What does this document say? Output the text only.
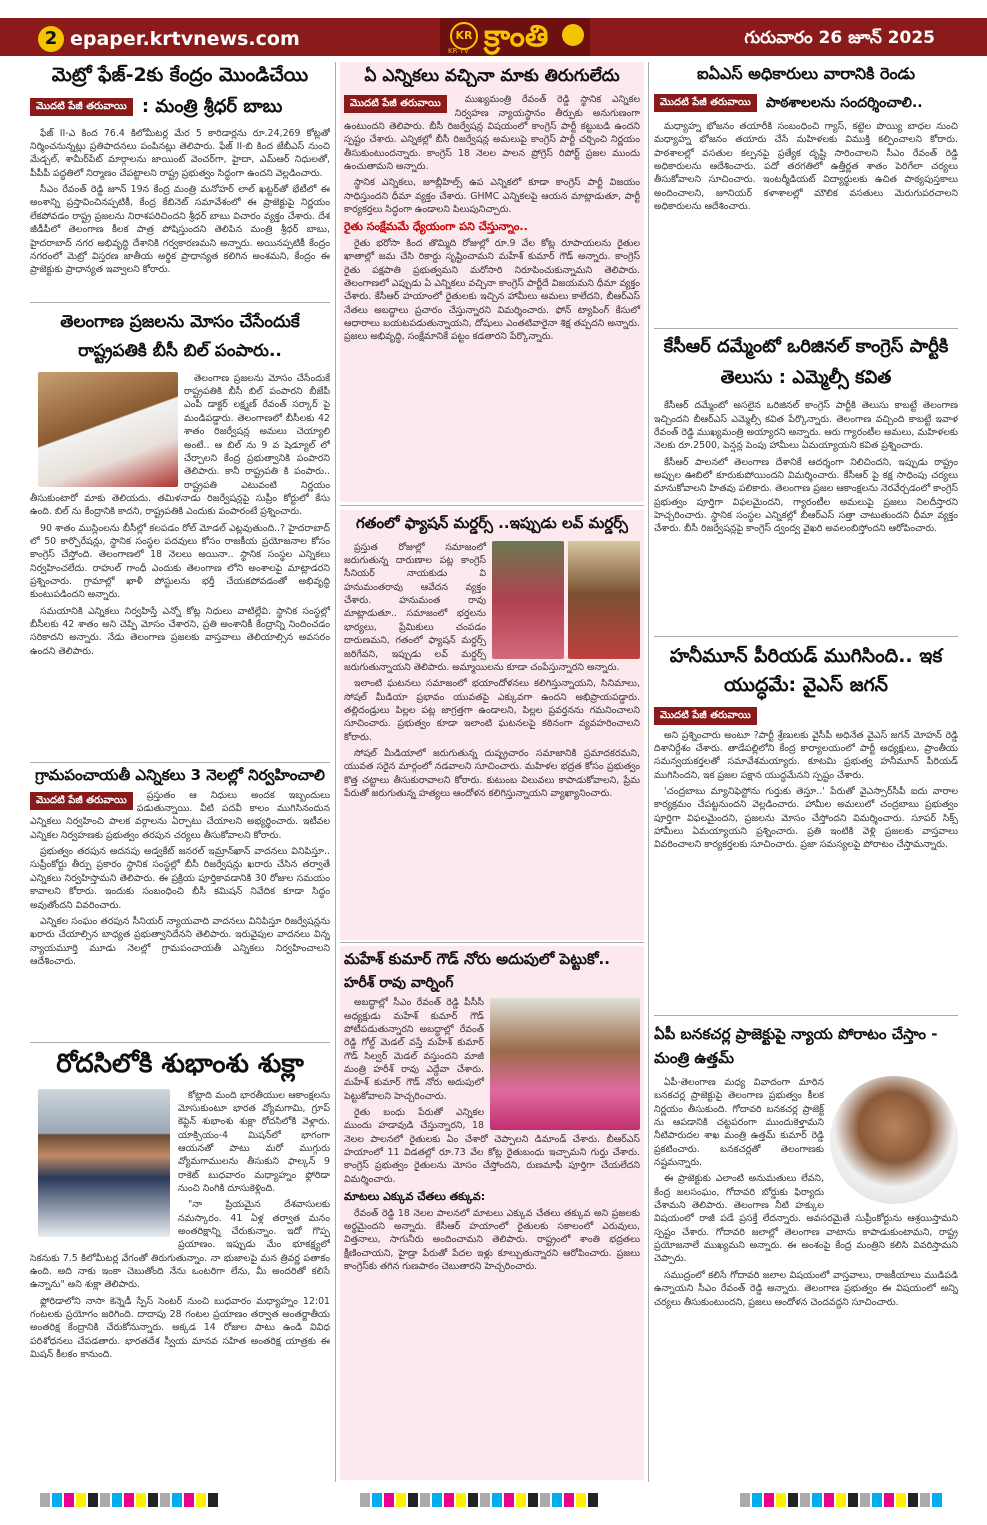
2 epaper.krtvnews.com	KR
KR TV క్రాంతి	గురువారం 26 జూన్ 2025
మెట్రో ఫేజ్-2కు కేంద్రం మొండిచేయి
మొదటి పేజీ తరువాయి : మంత్రి శ్రీధర్ బాబు

ఫేజ్ II-ఎ కింద 76.4 కిలోమీటర్ల మేర 5 కారిడార్లను రూ.24,269 కోట్లతో నిర్మించనున్నట్లు ప్రతిపాదనలు పంపినట్లు తెలిపారు. ఫేజ్ II-బి కింద జేబీఎస్ నుంచి మేడ్చల్, శామీర్‌పేట్ మార్గాలను జాయింట్ వెంచర్‌గా, హైదా, ఎమ్‌ఆర్ నిధులతో, పీపీపీ పద్ధతిలో నిర్మాణం చేపట్టాలని రాష్ట్ర ప్రభుత్వం సిద్ధంగా ఉందని వెల్లడించారు.

సీఎం రేవంత్ రెడ్డి జూన్ 19న కేంద్ర మంత్రి మనోహర్ లాల్ ఖట్టర్‌తో భేటీలో ఈ అంశాన్ని ప్రస్తావించినప్పటికీ, కేంద్ర కేబినెట్ సమావేశంలో ఈ ప్రాజెక్టుపై నిర్ణయం లేకపోవడం రాష్ట్ర ప్రజలను నిరాశపరిచిందని శ్రీధర్ బాబు విచారం వ్యక్తం చేశారు. దేశ జీడీపీలో తెలంగాణ కీలక పాత్ర పోషిస్తుందని తెలిపిన మంత్రి శ్రీధర్ బాబు, హైదరాబాద్ నగర అభివృద్ధి దేశానికి గర్వకారణమని అన్నారు. అయినప్పటికీ కేంద్రం నగరంలో మెట్రో విస్తరణ జాతీయ అర్థిక ప్రాధాన్యత కలిగిన అంశమని, కేంద్రం ఈ ప్రాజెక్టుకు ప్రాధాన్యత ఇవ్వాలని కోరారు.

తెలంగాణ ప్రజలను మోసం చేసేందుకే రాష్ట్రపతికి బీసీ బిల్ పంపారు..

తెలంగాణ ప్రజలను మోసం చేసేందుకే రాష్ట్రపతికి బీసీ బిల్ పంపారని బీజేపీ ఎంపీ డాక్టర్ లక్ష్మణ్ రేవంత్ సర్కార్ పై మండిపడ్డారు. తెలంగాణలో బీసీలకు 42 శాతం రిజర్వేషన్ల అమలు చెయ్యాలి అంటే.. ఆ బిల్ ను 9 వ షెడ్యూల్ లో చేర్చాలని కేంద్ర ప్రభుత్వానికి పంపారని తెలిపారు. కానీ రాష్ట్రపతి కి పంపారు.. రాష్ట్రపతి ఎటువంటి నిర్ణయం తీసుకుంటారో మాకు తెలియదు. తమిళనాడు రిజర్వేషన్లపై సుప్రీం కోర్టులో కేసు ఉంది. బిల్ ను కేంద్రానికి కాదని, రాష్ట్రపతికి ఎందుకు పంపారంటే ప్రశ్నించారు.

90 శాతం ముస్లింలను బీసీల్లో కలపడం రోల్ మోడల్ ఎట్లవుతుంది..? హైదరాబాద్ లో 50 కార్పొరేషన్లు, స్థానిక సంస్థల పదవులు కోసం రాజకీయ ప్రయోజనాల కోసం కాంగ్రెస్ చేస్తోంది. తెలంగాణలో 18 నెలలు అయినా.. స్థానిక సంస్థల ఎన్నికలు నిర్వహించలేదు. రాహుల్ గాంధీ ఎందుకు తెలంగాణ లోని అంశాలపై మాట్లాడరని ప్రశ్నించారు. గ్రామాల్లో ఖాళీ పోస్టులను భర్తీ చేయకపోవడంతో అభివృద్ధి కుంటుపడిందని అన్నారు.

సమయానికి ఎన్నికలు నిర్వహిస్తే ఎన్నో కోట్ల నిధులు వాటిల్లేవి. స్థానిక సంస్థల్లో బీసీలకు 42 శాతం అని చెప్పి మోసం చేశారని, ప్రతి అంశానికీ కేంద్రాన్ని నిందించడం సరికాదని అన్నారు. నేడు తెలంగాణ ప్రజలకు వాస్తవాలు తెలియాల్సిన అవసరం ఉందని తెలిపారు.

గ్రామపంచాయతీ ఎన్నికలు 3 నెలల్లో నిర్వహించాలి
మొదటి పేజీ తరువాయి	ప్రస్తుతం ఆ నిధులు అందక ఇబ్బందులు పడుతున్నాయి. వీటి పదవీ కాలం ముగిసినందున ఎన్నికలు నిర్వహించి పాలక వర్గాలను ఏర్పాటు చేయాలని అభ్యర్థించారు. ఇటీవల ఎన్నికల నిర్వహణకు ప్రభుత్వం తరపున చర్యలు తీసుకోవాలని కోరారు.

ప్రభుత్వం తరపున అదనపు అడ్వకేట్ జనరల్ ఇమ్రాన్‌ఖాన్ వాదనలు వినిపిస్తూ.. సుప్రీంకోర్టు తీర్పు ప్రకారం స్థానిక సంస్థల్లో బీసీ రిజర్వేషన్లు ఖరారు చేసిన తర్వాతే ఎన్నికలు నిర్వహిస్తామని తెలిపారు. ఈ ప్రక్రియ పూర్తికావడానికి 30 రోజుల సమయం కావాలని కోరారు. ఇందుకు సంబంధించి బీసీ కమిషన్ నివేదిక కూడా సిద్ధం అవుతోందని వివరించారు.

ఎన్నికల సంఘం తరపున సీనియర్ న్యాయవాది వాదనలు వినిపిస్తూ రిజర్వేషన్లను ఖరారు చేయాల్సిన బాధ్యత ప్రభుత్వానిదేనని తెలిపారు. ఇరువైపుల వాదనలు విన్న న్యాయమూర్తి మూడు నెలల్లో గ్రామపంచాయతీ ఎన్నికలు నిర్వహించాలని ఆదేశించారు.

రోదసిలోకి శుభాంశు శుక్లా

కోట్లాది మంది భారతీయుల ఆకాంక్షలను మోసుకుంటూ భారత వ్యోమగామి, గ్రూప్ కెప్టెన్ శుభాంశు శుక్లా రోదసిలోకి వెళ్లారు. యాక్సియం-4 మిషన్‌లో భాగంగా ఆయనతో పాటు మరో ముగ్గురు వ్యోమగాములను తీసుకుని ఫాల్కన్ 9 రాకెట్ బుధవారం మధ్యాహ్నం ఫ్లోరిడా నుంచి నింగికి దూసుకెళ్లింది.

"నా ప్రియమైన దేశవాసులకు నమస్కారం. 41 ఏళ్ల తర్వాత మనం అంతరిక్షాన్ని చేరుకున్నాం. ఇదో గొప్ప ప్రయాణం. ఇప్పుడు మేం భూకక్ష్యలో సెకనుకు 7.5 కిలోమీటర్ల వేగంతో తిరుగుతున్నాం. నా భుజాలపై మన త్రివర్ణ పతాకం ఉంది. అది నాకు ఇంకా చెబుతోంది నేను ఒంటరిగా లేను, మీ అందరితో కలిసే ఉన్నాను" అని శుక్లా తెలిపారు.

ఫ్లోరిడాలోని నాసా కెన్నెడీ స్పేస్ సెంటర్ నుంచి బుధవారం మధ్యాహ్నం 12:01 గంటలకు ప్రయోగం జరిగింది. దాదాపు 28 గంటల ప్రయాణం తర్వాత అంతర్జాతీయ అంతరిక్ష కేంద్రానికి చేరుకోనున్నారు. అక్కడ 14 రోజుల పాటు ఉండి వివిధ పరిశోధనలు చేపడతారు. భారతదేశ స్వీయ మానవ సహిత అంతరిక్ష యాత్రకు ఈ మిషన్ కీలకం కానుంది.

ఏ ఎన్నికలు వచ్చినా మాకు తిరుగులేదు
మొదటి పేజీ తరువాయి	ముఖ్యమంత్రి రేవంత్ రెడ్డి స్థానిక ఎన్నికల నిర్వహణ న్యాయస్థానం తీర్పుకు అనుగుణంగా ఉంటుందని తెలిపారు. బీసీ రిజర్వేషన్ల విషయంలో కాంగ్రెస్ పార్టీ కట్టుబడి ఉందని స్పష్టం చేశారు. ఎన్నికల్లో బీసీ రిజర్వేషన్ల అమలుపై కాంగ్రెస్ పార్టీ చర్చించి నిర్ణయం తీసుకుంటుందన్నారు. కాంగ్రెస్ 18 నెలల పాలన ప్రోగ్రెస్ రిపోర్ట్ ప్రజల ముందు ఉంచుతామని అన్నారు.

స్థానిక ఎన్నికలు, జూబ్లీహిల్స్ ఉప ఎన్నికలో కూడా కాంగ్రెస్ పార్టీ విజయం సాధిస్తుందని ధీమా వ్యక్తం చేశారు. GHMC ఎన్నికలపై ఆయన మాట్లాడుతూ, పార్టీ కార్యకర్తలు సిద్ధంగా ఉండాలని పిలుపునిచ్చారు.

రైతు సంక్షేమమే ధ్యేయంగా పని చేస్తున్నాం..

రైతు భరోసా కింద తొమ్మిది రోజుల్లో రూ.9 వేల కోట్ల రూపాయలను రైతుల ఖాతాల్లో జమ చేసి రికార్డు సృష్టించామని మహేశ్ కుమార్ గౌడ్ అన్నారు. కాంగ్రెస్ రైతు పక్షపాతి ప్రభుత్వమని మరోసారి నిరూపించుకున్నామని తెలిపారు. తెలంగాణలో ఎప్పుడు ఏ ఎన్నికలు వచ్చినా కాంగ్రెస్ పార్టీదే విజయమని ధీమా వ్యక్తం చేశారు. కేసీఆర్ హయాంలో రైతులకు ఇచ్చిన హామీలు అమలు కాలేదని, బీఆర్ఎస్ నేతలు అబద్ధాలు ప్రచారం చేస్తున్నారని విమర్శించారు. ఫోన్ ట్యాపింగ్ కేసులో ఆధారాలు బయటపడుతున్నాయని, దోషులు ఎంతటివారైనా శిక్ష తప్పదని అన్నారు. ప్రజలు అభివృద్ధి, సంక్షేమానికే పట్టం కడతారని పేర్కొన్నారు.

గతంలో ఫ్యాషన్ మర్డర్స్ ..ఇప్పుడు లవ్ మర్డర్స్

ప్రస్తుత రోజుల్లో సమాజంలో జరుగుతున్న దారుణాల పట్ల కాంగ్రెస్ సీనియర్ నాయకుడు వి హనుమంతరావు ఆవేదన వ్యక్తం చేశారు. హనుమంత రావు మాట్లాడుతూ.. సమాజంలో భర్తలను భార్యలు, ప్రేమికులు చంపడం దారుణమని, గతంలో ఫ్యాషన్ మర్డర్స్ జరిగేవని, ఇప్పుడు లవ్ మర్డర్స్ జరుగుతున్నాయని తెలిపారు. అమ్మాయిలను కూడా చంపేస్తున్నారని అన్నారు.

ఇలాంటి ఘటనలు సమాజంలో భయాందోళనలు కలిగిస్తున్నాయని, సినిమాలు, సోషల్ మీడియా ప్రభావం యువతపై ఎక్కువగా ఉందని అభిప్రాయపడ్డారు. తల్లిదండ్రులు పిల్లల పట్ల జాగ్రత్తగా ఉండాలని, పిల్లల ప్రవర్తనను గమనించాలని సూచించారు. ప్రభుత్వం కూడా ఇలాంటి ఘటనలపై కఠినంగా వ్యవహరించాలని కోరారు.

సోషల్ మీడియాలో జరుగుతున్న దుష్ప్రచారం సమాజానికి ప్రమాదకరమని, యువత సరైన మార్గంలో నడవాలని సూచించారు. మహిళల భద్రత కోసం ప్రభుత్వం కొత్త చట్టాలు తీసుకురావాలని కోరారు. కుటుంబ విలువలు కాపాడుకోవాలని, ప్రేమ పేరుతో జరుగుతున్న హత్యలు ఆందోళన కలిగిస్తున్నాయని వ్యాఖ్యానించారు.

మహేశ్ కుమార్ గౌడ్ నోరు అదుపులో పెట్టుకో..
హరీశ్ రావు వార్నింగ్

అబద్ధాల్లో సీఎం రేవంత్ రెడ్డి పీసీసీ అధ్యక్షుడు మహేశ్ కుమార్ గౌడ్ పోటీపడుతున్నారని అబద్ధాల్లో రేవంత్ రెడ్డి గోల్డ్ మెడల్ వస్తే మహేశ్ కుమార్ గౌడ్ సిల్వర్ మెడల్ వస్తుందని మాజీ మంత్రి హరీశ్ రావు ఎద్దేవా చేశారు. మహేశ్ కుమార్ గౌడ్ నోరు అదుపులో పెట్టుకోవాలని హెచ్చరించారు.

రైతు బంధు పేరుతో ఎన్నికల ముందు హడావుడి చేస్తున్నారని, 18 నెలల పాలనలో రైతులకు ఏం చేశారో చెప్పాలని డిమాండ్ చేశారు. బీఆర్ఎస్ హయాంలో 11 విడతల్లో రూ.73 వేల కోట్ల రైతుబంధు ఇచ్చామని గుర్తు చేశారు. కాంగ్రెస్ ప్రభుత్వం రైతులను మోసం చేస్తోందని, రుణమాఫీ పూర్తిగా చేయలేదని విమర్శించారు.

మాటలు ఎక్కువ చేతలు తక్కువ:

రేవంత్ రెడ్డి 18 నెలల పాలనలో మాటలు ఎక్కువ చేతలు తక్కువ అని ప్రజలకు అర్థమైందని అన్నారు. కేసీఆర్ హయాంలో రైతులకు సకాలంలో ఎరువులు, విత్తనాలు, సాగునీరు అందించామని తెలిపారు. రాష్ట్రంలో శాంతి భద్రతలు క్షీణించాయని, హైడ్రా పేరుతో పేదల ఇళ్లు కూల్చుతున్నారని ఆరోపించారు. ప్రజలు కాంగ్రెస్‌కు తగిన గుణపాఠం చెబుతారని హెచ్చరించారు.

ఐఏఎస్ అధికారులు వారానికి రెండు
మొదటి పేజీ తరువాయి పాఠశాలలను సందర్శించాలి..

మధ్యాహ్న భోజనం తయారీకి సంబంధించి గ్యాస్, కట్టెల పొయ్యి బాధల నుంచి మధ్యాహ్న భోజనం తయారు చేసే మహిళలకు విముక్తి కల్పించాలని కోరారు. పాఠశాలల్లో వసతుల కల్పనపై ప్రత్యేక దృష్టి సారించాలని సీఎం రేవంత్ రెడ్డి అధికారులను ఆదేశించారు. పదో తరగతిలో ఉత్తీర్ణత శాతం పెరిగేలా చర్యలు తీసుకోవాలని సూచించారు. ఇంటర్మీడియట్ విద్యార్థులకు ఉచిత పాఠ్యపుస్తకాలు అందించాలని, జూనియర్ కళాశాలల్లో మౌలిక వసతులు మెరుగుపరచాలని అధికారులను ఆదేశించారు.

కేసీఆర్ దమ్మేంటో ఒరిజినల్ కాంగ్రెస్ పార్టీకి తెలుసు : ఎమ్మెల్సీ కవిత

కేసీఆర్ దమ్మేంటో అసలైన ఒరిజినల్ కాంగ్రెస్ పార్టీకి తెలుసు కాబట్టే తెలంగాణ ఇచ్చిందని బీఆర్ఎస్ ఎమ్మెల్సీ కవిత పేర్కొన్నారు. తెలంగాణ వచ్చింది కాబట్టే ఇవాళ రేవంత్ రెడ్డి ముఖ్యమంత్రి అయ్యారని అన్నారు. ఆరు గ్యారంటీల అమలు, మహిళలకు నెలకు రూ.2500, పెన్షన్ల పెంపు హామీలు ఏమయ్యాయని కవిత ప్రశ్నించారు.

కేసీఆర్ పాలనలో తెలంగాణ దేశానికే ఆదర్శంగా నిలిచిందని, ఇప్పుడు రాష్ట్రం అప్పుల ఊబిలో కూరుకుపోయిందని విమర్శించారు. కేసీఆర్ పై కక్ష సాధింపు చర్యలు మానుకోవాలని హితవు పలికారు. తెలంగాణ ప్రజల ఆకాంక్షలను నెరవేర్చడంలో కాంగ్రెస్ ప్రభుత్వం పూర్తిగా విఫలమైందని, గ్యారంటీల అమలుపై ప్రజలు నిలదీస్తారని హెచ్చరించారు. స్థానిక సంస్థల ఎన్నికల్లో బీఆర్ఎస్ సత్తా చాటుతుందని ధీమా వ్యక్తం చేశారు. బీసీ రిజర్వేషన్లపై కాంగ్రెస్ ద్వంద్వ వైఖరి అవలంబిస్తోందని ఆరోపించారు.

హనీమూన్ పీరియడ్ ముగిసింది.. ఇక యుద్ధమే: వైఎస్ జగన్
మొదటి పేజీ తరువాయి

అని ప్రశ్నించారు అంటూ ?పార్టీ శ్రేణులకు వైసీపీ అధినేత వైఎస్ జగన్ మోహన్ రెడ్డి దిశానిర్దేశం చేశారు. తాడేపల్లిలోని కేంద్ర కార్యాలయంలో పార్టీ అధ్యక్షులు, ప్రాంతీయ సమన్వయకర్తలతో సమావేశమయ్యారు. కూటమి ప్రభుత్వ హనీమూన్ పీరియడ్ ముగిసిందని, ఇక ప్రజల పక్షాన యుద్ధమేనని స్పష్టం చేశారు.

'చంద్రబాబు మ్యానిఫెస్టోను గుర్తుకు తెస్తూ..' పేరుతో వైఎస్సార్‌సీపీ ఐదు వారాల కార్యక్రమం చేపట్టనుందని వెల్లడించారు. హామీల అమలులో చంద్రబాబు ప్రభుత్వం పూర్తిగా విఫలమైందని, ప్రజలను మోసం చేస్తోందని విమర్శించారు. సూపర్ సిక్స్ హామీలు ఏమయ్యాయని ప్రశ్నించారు. ప్రతి ఇంటికి వెళ్లి ప్రజలకు వాస్తవాలు వివరించాలని కార్యకర్తలకు సూచించారు. ప్రజా సమస్యలపై పోరాటం చేస్తామన్నారు.

ఏపీ బనకచర్ల ప్రాజెక్టుపై న్యాయ పోరాటం చేస్తాం - మంత్రి ఉత్తమ్

ఏపీ-తెలంగాణ మధ్య వివాదంగా మారిన బనకచర్ల ప్రాజెక్టుపై తెలంగాణ ప్రభుత్వం కీలక నిర్ణయం తీసుకుంది. గోదావరి బనకచర్ల ప్రాజెక్ట్ ను ఆపడానికి చట్టపరంగా ముందుకెళ్తామని నీటిపారుదల శాఖ మంత్రి ఉత్తమ్ కుమార్ రెడ్డి ప్రకటించారు. బనకచర్లతో తెలంగాణకు నష్టమన్నారు.

ఈ ప్రాజెక్టుకు ఎలాంటి అనుమతులు లేవని, కేంద్ర జలసంఘం, గోదావరి బోర్డుకు ఫిర్యాదు చేశామని తెలిపారు. తెలంగాణ నీటి హక్కుల విషయంలో రాజీ పడే ప్రసక్తే లేదన్నారు. అవసరమైతే సుప్రీంకోర్టును ఆశ్రయిస్తామని స్పష్టం చేశారు. గోదావరి జలాల్లో తెలంగాణ వాటాను కాపాడుకుంటామని, రాష్ట్ర ప్రయోజనాలే ముఖ్యమని అన్నారు. ఈ అంశంపై కేంద్ర మంత్రిని కలిసి వివరిస్తామని చెప్పారు.

సముద్రంలో కలిసే గోదావరి జలాల విషయంలో వాస్తవాలు, రాజకీయాలు ముడిపడి ఉన్నాయని సీఎం రేవంత్ రెడ్డి అన్నారు. తెలంగాణ ప్రభుత్వం ఈ విషయంలో అన్ని చర్యలు తీసుకుంటుందని, ప్రజలు ఆందోళన చెందవద్దని సూచించారు.
